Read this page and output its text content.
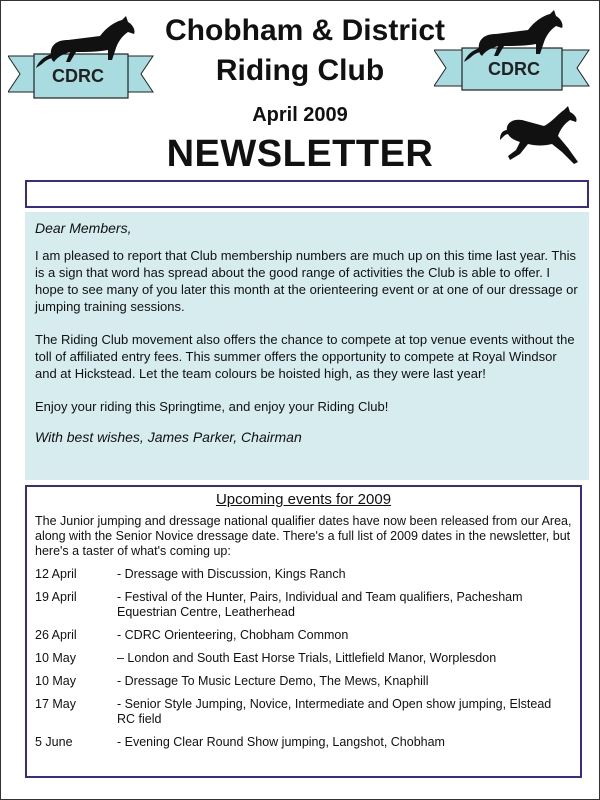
CDRC	CDRC
Chobham & District
Riding Club
April 2009
NEWSLETTER

Dear Members,

I am pleased to report that Club membership numbers are much up on this time last year. This is a sign that word has spread about the good range of activities the Club is able to offer. I hope to see many of you later this month at the orienteering event or at one of our dressage or jumping training sessions.

The Riding Club movement also offers the chance to compete at top venue events without the toll of affiliated entry fees. This summer offers the opportunity to compete at Royal Windsor and at Hickstead. Let the team colours be hoisted high, as they were last year!

Enjoy your riding this Springtime, and enjoy your Riding Club!

With best wishes, James Parker, Chairman

Upcoming events for 2009
The Junior jumping and dressage national qualifier dates have now been released from our Area, along with the Senior Novice dressage date. There's a full list of 2009 dates in the newsletter, but here's a taster of what's coming up:
12 April	- Dressage with Discussion, Kings Ranch
19 April	- Festival of the Hunter, Pairs, Individual and Team qualifiers, Pachesham Equestrian Centre, Leatherhead
26 April	- CDRC Orienteering, Chobham Common
10 May	– London and South East Horse Trials, Littlefield Manor, Worplesdon
10 May	- Dressage To Music Lecture Demo, The Mews, Knaphill
17 May	- Senior Style Jumping, Novice, Intermediate and Open show jumping, Elstead RC field
5 June	- Evening Clear Round Show jumping, Langshot, Chobham
